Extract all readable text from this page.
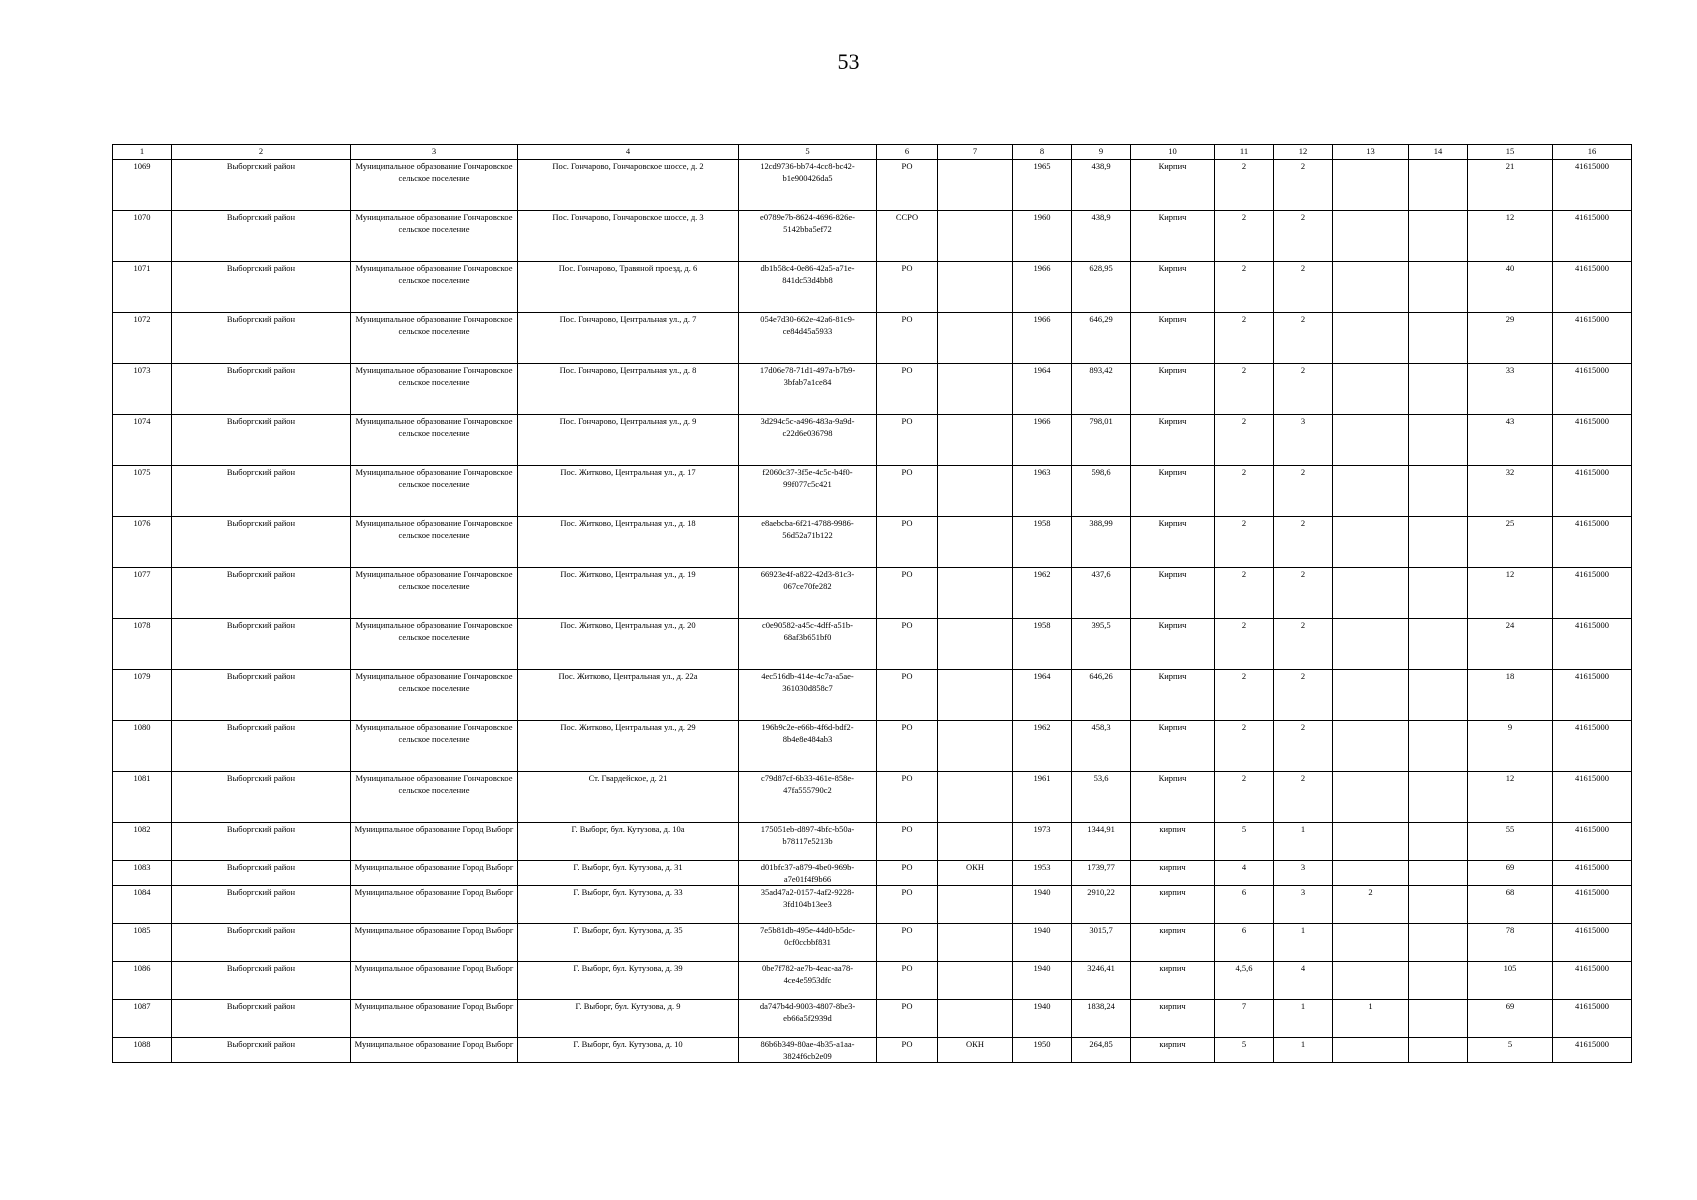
53
1	2	3	4	5	6	7	8	9	10	11	12	13	14	15	16
1069	Выборгский район	Муниципальное образование Гончаровское сельское поселение	Пос. Гончарово, Гончаровское шоссе, д. 2	12cd9736-bb74-4cc8-bc42-b1e900426da5	РО		1965	438,9	Кирпич	2	2			21	41615000
1070	Выборгский район	Муниципальное образование Гончаровское сельское поселение	Пос. Гончарово, Гончаровское шоссе, д. 3	e0789e7b-8624-4696-826e-5142bba5ef72	ССРО		1960	438,9	Кирпич	2	2			12	41615000
1071	Выборгский район	Муниципальное образование Гончаровское сельское поселение	Пос. Гончарово, Травяной проезд, д. 6	db1b58c4-0e86-42a5-a71e-841dc53d4bb8	РО		1966	628,95	Кирпич	2	2			40	41615000
1072	Выборгский район	Муниципальное образование Гончаровское сельское поселение	Пос. Гончарово, Центральная ул., д. 7	054e7d30-662e-42a6-81c9-ce84d45a5933	РО		1966	646,29	Кирпич	2	2			29	41615000
1073	Выборгский район	Муниципальное образование Гончаровское сельское поселение	Пос. Гончарово, Центральная ул., д. 8	17d06e78-71d1-497a-b7b9-3bfab7a1ce84	РО		1964	893,42	Кирпич	2	2			33	41615000
1074	Выборгский район	Муниципальное образование Гончаровское сельское поселение	Пос. Гончарово, Центральная ул., д. 9	3d294c5c-a496-483a-9a9d-c22d6e036798	РО		1966	798,01	Кирпич	2	3			43	41615000
1075	Выборгский район	Муниципальное образование Гончаровское сельское поселение	Пос. Житково, Центральная ул., д. 17	f2060c37-3f5e-4c5c-b4f0-99f077c5c421	РО		1963	598,6	Кирпич	2	2			32	41615000
1076	Выборгский район	Муниципальное образование Гончаровское сельское поселение	Пос. Житково, Центральная ул., д. 18	e8aebcba-6f21-4788-9986-56d52a71b122	РО		1958	388,99	Кирпич	2	2			25	41615000
1077	Выборгский район	Муниципальное образование Гончаровское сельское поселение	Пос. Житково, Центральная ул., д. 19	66923e4f-a822-42d3-81c3-067ce70fe282	РО		1962	437,6	Кирпич	2	2			12	41615000
1078	Выборгский район	Муниципальное образование Гончаровское сельское поселение	Пос. Житково, Центральная ул., д. 20	c0e90582-a45c-4dff-a51b-68af3b651bf0	РО		1958	395,5	Кирпич	2	2			24	41615000
1079	Выборгский район	Муниципальное образование Гончаровское сельское поселение	Пос. Житково, Центральная ул., д. 22а	4ec516db-414e-4c7a-a5ae-361030d858c7	РО		1964	646,26	Кирпич	2	2			18	41615000
1080	Выборгский район	Муниципальное образование Гончаровское сельское поселение	Пос. Житково, Центральная ул., д. 29	196b9c2e-e66b-4f6d-bdf2-8b4e8e484ab3	РО		1962	458,3	Кирпич	2	2			9	41615000
1081	Выборгский район	Муниципальное образование Гончаровское сельское поселение	Ст. Гвардейское, д. 21	c79d87cf-6b33-461e-858e-47fa555790c2	РО		1961	53,6	Кирпич	2	2			12	41615000
1082	Выборгский район	Муниципальное образование Город Выборг	Г. Выборг, бул. Кутузова, д. 10а	175051eb-d897-4bfc-b50a-b78117e5213b	РО		1973	1344,91	кирпич	5	1			55	41615000
1083	Выборгский район	Муниципальное образование Город Выборг	Г. Выборг, бул. Кутузова, д. 31	d01bfc37-a879-4be0-969b-a7e01f4f9b66	РО	ОКН	1953	1739,77	кирпич	4	3			69	41615000
1084	Выборгский район	Муниципальное образование Город Выборг	Г. Выборг, бул. Кутузова, д. 33	35ad47a2-0157-4af2-9228-3fd104b13ee3	РО		1940	2910,22	кирпич	6	3	2		68	41615000
1085	Выборгский район	Муниципальное образование Город Выборг	Г. Выборг, бул. Кутузова, д. 35	7e5b81db-495e-44d0-b5dc-0cf0ccbbf831	РО		1940	3015,7	кирпич	6	1			78	41615000
1086	Выборгский район	Муниципальное образование Город Выборг	Г. Выборг, бул. Кутузова, д. 39	0be7f782-ae7b-4eac-aa78-4ce4e5953dfc	РО		1940	3246,41	кирпич	4,5,6	4			105	41615000
1087	Выборгский район	Муниципальное образование Город Выборг	Г. Выборг, бул. Кутузова, д. 9	da747b4d-9003-4807-8be3-eb66a5f2939d	РО		1940	1838,24	кирпич	7	1	1		69	41615000
1088	Выборгский район	Муниципальное образование Город Выборг	Г. Выборг, бул. Кутузова, д. 10	86b6b349-80ae-4b35-a1aa-3824f6cb2e09	РО	ОКН	1950	264,85	кирпич	5	1			5	41615000
